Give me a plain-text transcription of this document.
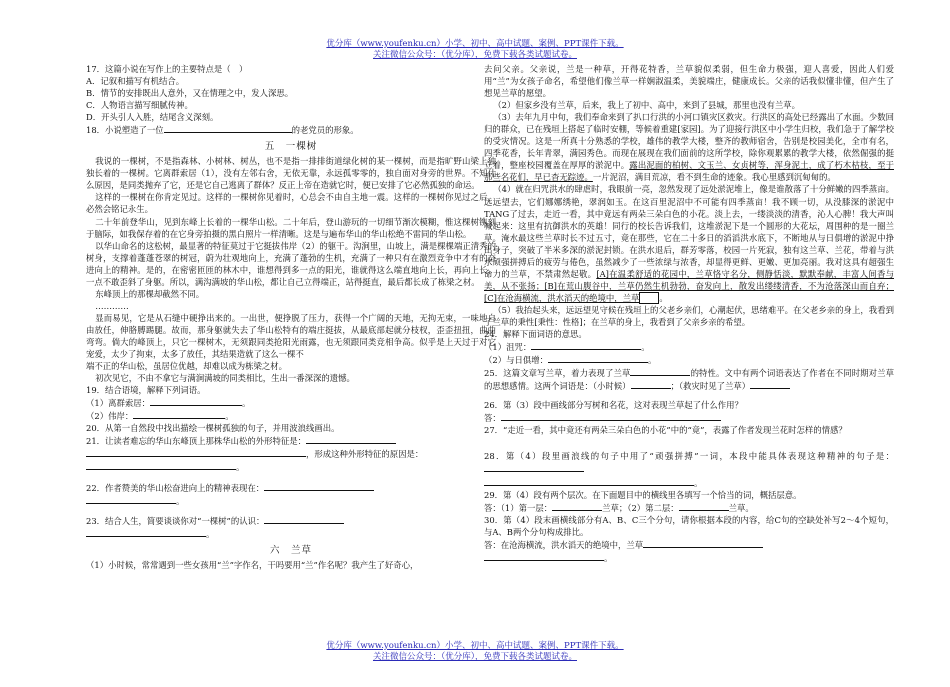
优分库（www.youfenku.cn）小学、初中、高中试题、案例、PPT课件下载。
关注微信公众号：（优分库），免费下载各类试题试卷。

17．这篇小说在写作上的主要特点是（　）

A．记叙和描写有机结合。

B．情节的安排既出人意外，又在情理之中，发人深思。

C．人物语言描写细腻传神。

D．开头引人入胜，结尾含义深刻。

18．小说塑造了一位	的老党员的形象。

五　一棵树

我说的一棵树，不是指森林、小树林、树丛，也不是指一排排街道绿化树的某一棵树，而是指旷野山梁上独独长着的一棵树。它离群索居（1），没有左邻右舍，无依无靠，永远孤零零的，独自面对身旁的世界。不知什么原因，是同类抛弃了它，还是它自己逃离了群体？反正上帝在造就它时，便已安排了它必然孤独的命运。

这样的一棵树在你肯定见过。这样的一棵树你见着时，心总会不由自主地一震。这样的一棵树你见过之后，必然会铭记永生。

二十年前登华山，见到东峰上长着的一棵华山松。二十年后，登山游玩的一切细节渐次模糊，惟这棵树镌刻于脑际，如我保存着的在它身旁拍摄的黑白照片一样清晰。这是与遍布华山的华山松绝不雷同的华山松。

以华山命名的这松树，最显著的特征莫过于它挺拔伟岸（2）的躯干。沟涧里，山坡上，满是棵棵端正清秀的树身，支撑着蓬蓬苍翠的树冠，蔚为壮观地向上，充满了蓬勃的生机，充满了一种只有在激烈竞争中才有的奋进向上的精神。是的，在密密匝匝的林木中，谁想得到多一点的阳光，谁就得这么端直地向上长，再向上长，一点不敢歪斜了身躯。所以，满沟满坡的华山松，都让自己立得端正，站得挺直，最后都长成了栋梁之材。

东峰顶上的那棵却截然不同。

…………

显而易见，它是从石缝中硬挣出来的。一出世，便挣脱了压力，获得一个广阔的天地，无拘无束，一味地自由放任，伸胳膊踢腿。故而，那身躯就失去了华山松特有的端庄挺拔，从最底部起就分枝杈，歪歪扭扭，曲曲弯弯。倘大的峰顶上，只它一棵树木，无须跟同类抢阳光雨露，也无须跟同类竞相争高。似乎是上天过于对它宠爱，太少了拘束，太多了放任，其结果造就了这么一棵不

端不正的华山松，虽居位优越，却难以成为栋梁之材。

初次见它，不由不拿它与满涧满坡的同类相比，生出一番深深的遗憾。

19．结合语境，解释下列词语。

（1）离群索居：	。

（2）伟岸：	。

20．从第一自然段中找出描绘一棵树孤独的句子，并用波浪线画出。

21．让读者难忘的华山东峰顶上那株华山松的外形特征是：

，形成这种外形特征的原因是：

。

22．作者赞美的华山松奋进向上的精神表现在：

。

23．结合人生，简要谈谈你对“一棵树”的认识：

。

六　兰草

（1）小时候，常常遇到一些女孩用“兰”字作名，干吗要用“兰”作名呢？我产生了好奇心，

去问父亲。父亲说，兰是一种草，开得花特香，兰草貌似柔弱，但生命力极强，迎人喜爱，因此人们爱用“兰”为女孩子命名，希望他们像兰草一样娴淑温柔，美貌端庄，健康成长。父亲的话我似懂非懂，但产生了想见兰草的愿望。

（2）但家乡没有兰草，后来，我上了初中、高中，来到了县城，那里也没有兰草。

（3）去年九月中旬，我们奉命来到了扒口行洪的小河口镇灾区救灾。行洪区的高处已经露出了水面。少数回归的群众，已在残垣上搭起了临时安棚，等候着重建[家园]。为了迎接行洪区中小学生归校，我们急于了解学校的受灾情况。这是一所真十分熟悉的学校，雄伟的教学大楼，整齐的教师宿舍，告别是校园美化，全市有名，四季花香，长年青翠，满园秀色。而现在展现在我们面前的这所学校，除你观累累的教学大楼，依然倔强的挺立着，整座校园覆盖在厚厚的淤泥中。露出泥面的柏树、文玉兰、女贞树等，浑身泥土，成了朽木枯枝，至于那些名花们，早已杳无踪迹。一片泥沼，满目荒凉，看不到生命的迹象。我心里感到沉甸甸的。

（4）就在归咒洪水的肆虐时，我眼前一亮，忽然发现了远处淤泥堆上，像是谁散落了十分鲜嫩的四季蒸亩。远远望去，它们娜娜绣艳，翠润如玉。在这百里泥沼中不可能有四季蒸亩！我不顾一切，从没膝深的淤泥中TANG了过去，走近一看，其中竟远有两朵三朵白色的小花。淡上去，一缕淡淡的清香，沁人心脾！我大声叫喊起来：这里有抗御洪水的英雄！同行的校长告诉我们，这堆淤泥下是一个圆形的大花坛，周围种的是一圈兰草。淹水最这些兰草时长不过五寸，竟在那些，它在二十多日的滔滔洪水底下，不断地从与日俱增的淤泥中挣出身子，突破了半米多深的淤泥封锁。在洪水退后，群芳零落，校园一片死寂，独有这兰草、兰花，带着与洪水顽强拼搏后的疲劳与倦色，虽然减少了一些浓绿与浓香，却显得更鲜、更嫩、更加亮丽。我对这具有超强生命力的兰草，不禁肃然起敬。[A]在温柔舒适的花园中，兰草恪守名分，侧静恬淡，默默奉献，丰富人间香与美，从不张扬；[B]在荒山腹谷中，兰草仍然生机勃勃，奋发向上，散发出缕缕清香，不为沧落深山而自弃；[C]在沧海横流，洪水滔天的绝境中，兰草 。

（5）我抬起头来，远远望见守候在残垣上的父老乡亲们，心潮起伏，思绪难平。在父老乡亲的身上，我看到了兰草的秉性[秉性：性格]；在兰草的身上，我看到了父亲乡亲的希望。

24．解释下面词语的意思。

（1）沮咒：	。

（2）与日俱增：	。

25．这篇文章写兰草，着力表现了兰草	的特性。文中有两个词语表达了作者在不同时期对兰草的思想感情。这两个词语是：（小时候）	；（救灾时见了兰草）

26．第（3）段中画线部分写树和名花，这对表现兰草起了什么作用？

答：

27．“走近一看，其中竟还有两朵三朵白色的小花”中的“竟”，表露了作者发现兰花时怎样的情感？

28．第（4）段里画浪线的句子中用了“顽强拼搏”一词，本段中能具体表现这种精神的句子是：

。

29．第（4）段有两个层次。在下面题目中的横线里各填写一个恰当的词，概括层意。

答：（1）第一层：	兰草；（2）第二层：	兰草。

30．第（4）段末画横线部分有A、B、C三个分句，请你根据本段的内容，给C句的空缺处补写2～4个短句，与A、B两个分句构成排比。

答：在沧海横流，洪水滔天的绝境中，兰草

。

优分库（www.youfenku.cn）小学、初中、高中试题、案例、PPT课件下载。
关注微信公众号：（优分库），免费下载各类试题试卷。
